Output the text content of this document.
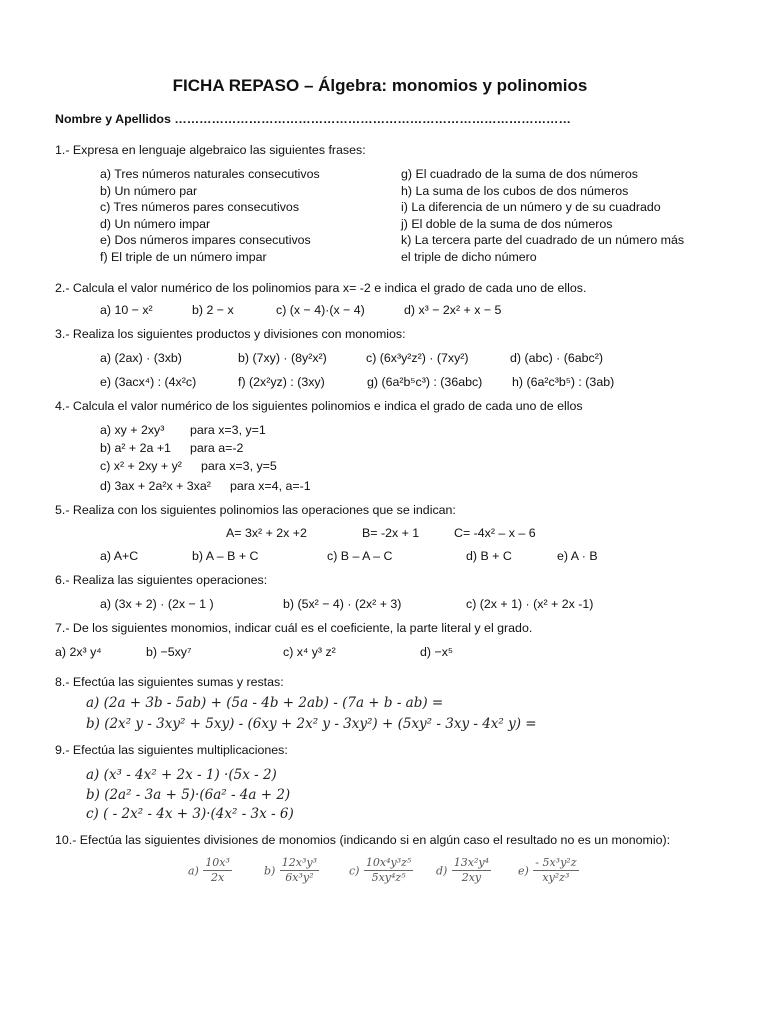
FICHA REPASO – Álgebra: monomios y polinomios
Nombre y Apellidos ……………………………………………………………………………………
1.- Expresa en lenguaje algebraico las siguientes frases:
a) Tres números naturales consecutivos
b) Un número par
c) Tres números pares consecutivos
d) Un número impar
e) Dos números impares consecutivos
f) El triple de un número impar
g) El cuadrado de la suma de dos números
h) La suma de los cubos de dos números
i) La diferencia de un número y de su cuadrado
j) El doble de la suma de dos números
k) La tercera parte del cuadrado de un número más
el triple de dicho número
2.- Calcula el valor numérico de los polinomios para x= -2 e indica el grado de cada uno de ellos.
a) 10 − x²	b) 2 − x	c) (x − 4)·(x − 4)	d) x³ − 2x² + x − 5
3.- Realiza los siguientes productos y divisiones con monomios:
a) (2ax) · (3xb)	b) (7xy) · (8y²x²)	c) (6x³y²z²) · (7xy²)	d) (abc) · (6abc²)
e) (3acx⁴) : (4x²c)	f) (2x²yz) : (3xy)	g) (6a²b⁵c³) : (36abc) h) (6a²c³b⁵) : (3ab)
4.- Calcula el valor numérico de los siguientes polinomios e indica el grado de cada uno de ellos
a) xy + 2xy³ para x=3, y=1
b) a² + 2a +1 para a=-2
c) x² + 2xy + y² para x=3, y=5
d) 3ax + 2a²x + 3xa² para x=4, a=-1
5.- Realiza con los siguientes polinomios las operaciones que se indican:
A= 3x² + 2x +2	B= -2x + 1	C= -4x² – x – 6
a) A+C	b) A – B + C	c) B – A – C	d) B + C	e) A · B
6.- Realiza las siguientes operaciones:
a) (3x + 2) · (2x − 1 )	b) (5x² − 4) · (2x² + 3)	c) (2x + 1) · (x² + 2x -1)
7.- De los siguientes monomios, indicar cuál es el coeficiente, la parte literal y el grado.
a) 2x³ y⁴	b) −5xy⁷	c) x⁴ y³ z²	d) −x⁵
8.- Efectúa las siguientes sumas y restas:
a) (2a + 3b - 5ab) + (5a - 4b + 2ab) - (7a + b - ab) =
b) (2x² y - 3xy² + 5xy) - (6xy + 2x² y - 3xy²) + (5xy² - 3xy - 4x² y) =
9.- Efectúa las siguientes multiplicaciones:
a) (x³ - 4x² + 2x - 1) ·(5x - 2)
b) (2a² - 3a + 5)·(6a² - 4a + 2)
c) ( - 2x² - 4x + 3)·(4x² - 3x - 6)
10.- Efectúa las siguientes divisiones de monomios (indicando si en algún caso el resultado no es un monomio):
$a) \frac{\text{10x³}}{2x}$	$b) \frac{\text{12x³y³}}{\text{6x³y²}}$	$c) \frac{\text{10x⁴y³z⁵}}{\text{5xy⁴z⁵}} d) \frac{\text{13x²y⁴}}{2xy} e) \frac{\text{- 5x³y²z}}{\text{xy²z³}}$
